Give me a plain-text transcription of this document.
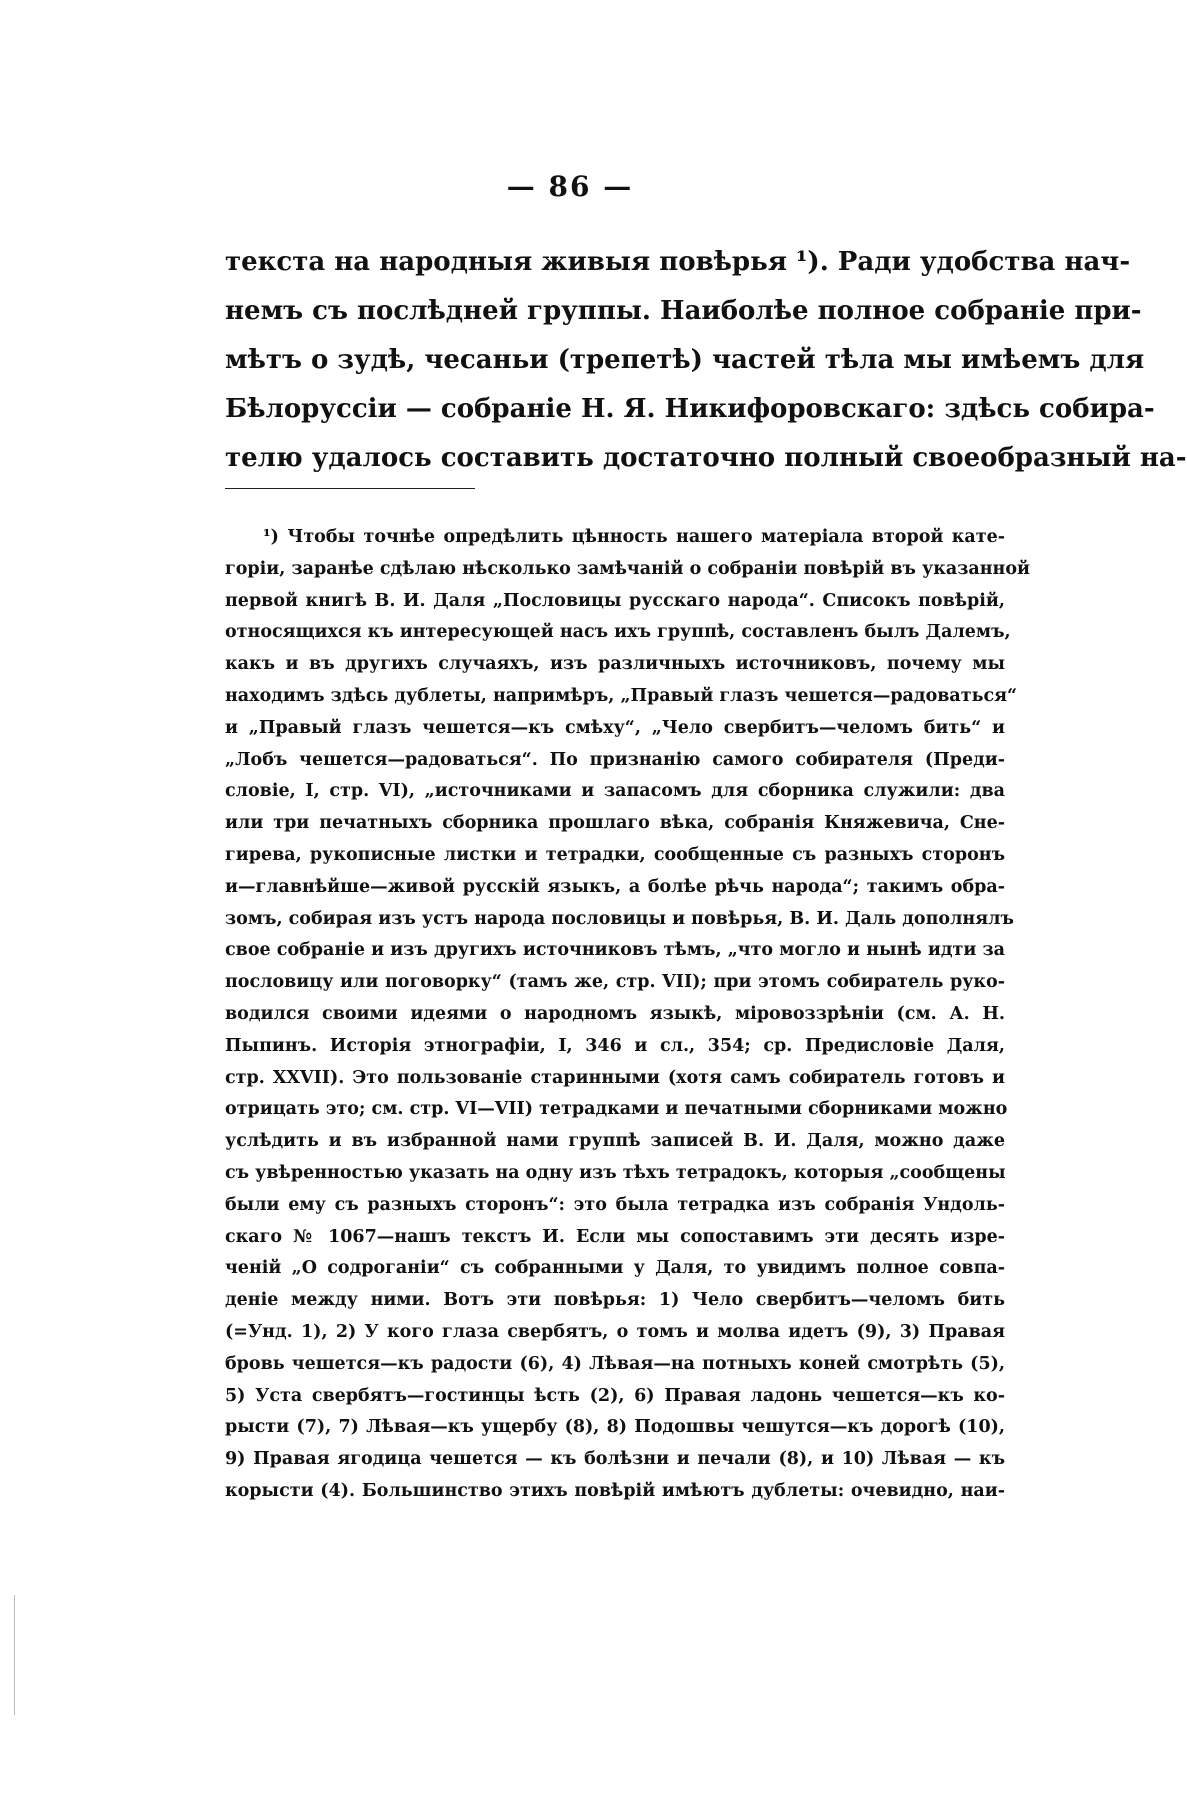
— 86 —
текста на народныя живыя повѣрья ¹). Ради удобства нач-
немъ съ послѣдней группы. Наиболѣе полное собраніе при-
мѣтъ о зудѣ, чесаньи (трепетѣ) частей тѣла мы имѣемъ для
Бѣлоруссіи — собраніе Н. Я. Никифоровскаго: здѣсь собира-
телю удалось составить достаточно полный своеобразный на-
¹) Чтобы точнѣе опредѣлить цѣнность нашего матеріала второй кате-
горіи, заранѣе сдѣлаю нѣсколько замѣчаній о собраніи повѣрій въ указанной
первой книгѣ В. И. Даля „Пословицы русскаго народа“. Списокъ повѣрій,
относящихся къ интересующей насъ ихъ группѣ, составленъ былъ Далемъ,
какъ и въ другихъ случаяхъ, изъ различныхъ источниковъ, почему мы
находимъ здѣсь дублеты, напримѣръ, „Правый глазъ чешется—радоваться“
и „Правый глазъ чешется—къ смѣху“, „Чело свербитъ—челомъ бить“ и
„Лобъ чешется—радоваться“. По признанію самого собирателя (Преди-
словіе, I, стр. VI), „источниками и запасомъ для сборника служили: два
или три печатныхъ сборника прошлаго вѣка, собранія Княжевича, Сне-
гирева, рукописные листки и тетрадки, сообщенные съ разныхъ сторонъ
и—главнѣйше—живой русскій языкъ, а болѣе рѣчь народа“; такимъ обра-
зомъ, собирая изъ устъ народа пословицы и повѣрья, В. И. Даль дополнялъ
свое собраніе и изъ другихъ источниковъ тѣмъ, „что могло и нынѣ идти за
пословицу или поговорку“ (тамъ же, стр. VII); при этомъ собиратель руко-
водился своими идеями о народномъ языкѣ, міровоззрѣніи (см. А. Н.
Пыпинъ. Исторія этнографіи, I, 346 и сл., 354; ср. Предисловіе Даля,
стр. XXVII). Это пользованіе старинными (хотя самъ собиратель готовъ и
отрицать это; см. стр. VI—VII) тетрадками и печатными сборниками можно
услѣдить и въ избранной нами группѣ записей В. И. Даля, можно даже
съ увѣренностью указать на одну изъ тѣхъ тетрадокъ, которыя „сообщены
были ему съ разныхъ сторонъ“: это была тетрадка изъ собранія Ундоль-
скаго № 1067—нашъ текстъ И. Если мы сопоставимъ эти десять изре-
ченій „О содроганіи“ съ собранными у Даля, то увидимъ полное совпа-
деніе между ними. Вотъ эти повѣрья: 1) Чело свербитъ—челомъ бить
(=Унд. 1), 2) У кого глаза свербятъ, о томъ и молва идетъ (9), 3) Правая
бровь чешется—къ радости (6), 4) Лѣвая—на потныхъ коней смотрѣть (5),
5) Уста свербятъ—гостинцы ѣсть (2), 6) Правая ладонь чешется—къ ко-
рысти (7), 7) Лѣвая—къ ущербу (8), 8) Подошвы чешутся—къ дорогѣ (10),
9) Правая ягодица чешется — къ болѣзни и печали (8), и 10) Лѣвая — къ
корысти (4). Большинство этихъ повѣрій имѣютъ дублеты: очевидно, наи-
